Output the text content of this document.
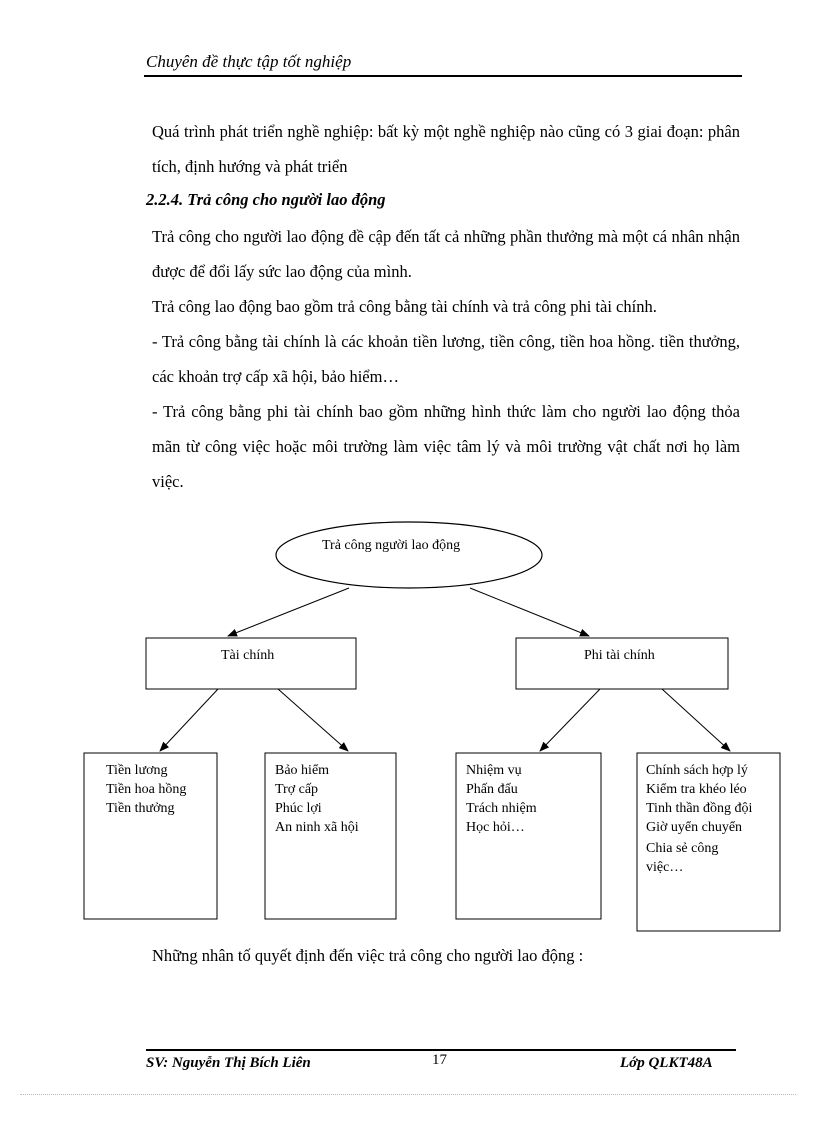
Chuyên đề thực tập tốt nghiệp
Quá trình phát triển nghề nghiệp: bất kỳ một nghề nghiệp nào cũng có 3 giai đoạn: phân tích, định hướng và phát triển
2.2.4. Trả công cho người lao động
Trả công cho người lao động đề cập đến tất cả những phần thưởng mà một cá nhân nhận được để đổi lấy sức lao động của mình.
Trả công lao động bao gồm trả công bằng tài chính và trả công phi tài chính.
- Trả công bằng tài chính là các khoản tiền lương, tiền công, tiền hoa hồng. tiền thưởng, các khoản trợ cấp xã hội, bảo hiểm…
- Trả công bằng phi tài chính bao gồm những hình thức làm cho người lao động thỏa mãn từ công việc hoặc môi trường làm việc tâm lý và môi trường vật chất nơi họ làm việc.
Những nhân tố quyết định đến việc trả công cho người lao động :
Trả công người lao động
Tài chính	Phi tài chính
Tiền lương
Tiền hoa hồng
Tiền thưởng
Bảo hiểm
Trợ cấp
Phúc lợi
An ninh xã hội
Nhiệm vụ
Phấn đấu
Trách nhiệm
Học hỏi…
Chính sách hợp lý
Kiểm tra khéo léo
Tinh thần đồng đội
Giờ uyển chuyển
Chia sẻ công
việc…
SV: Nguyễn Thị Bích Liên	17	Lớp QLKT48A
